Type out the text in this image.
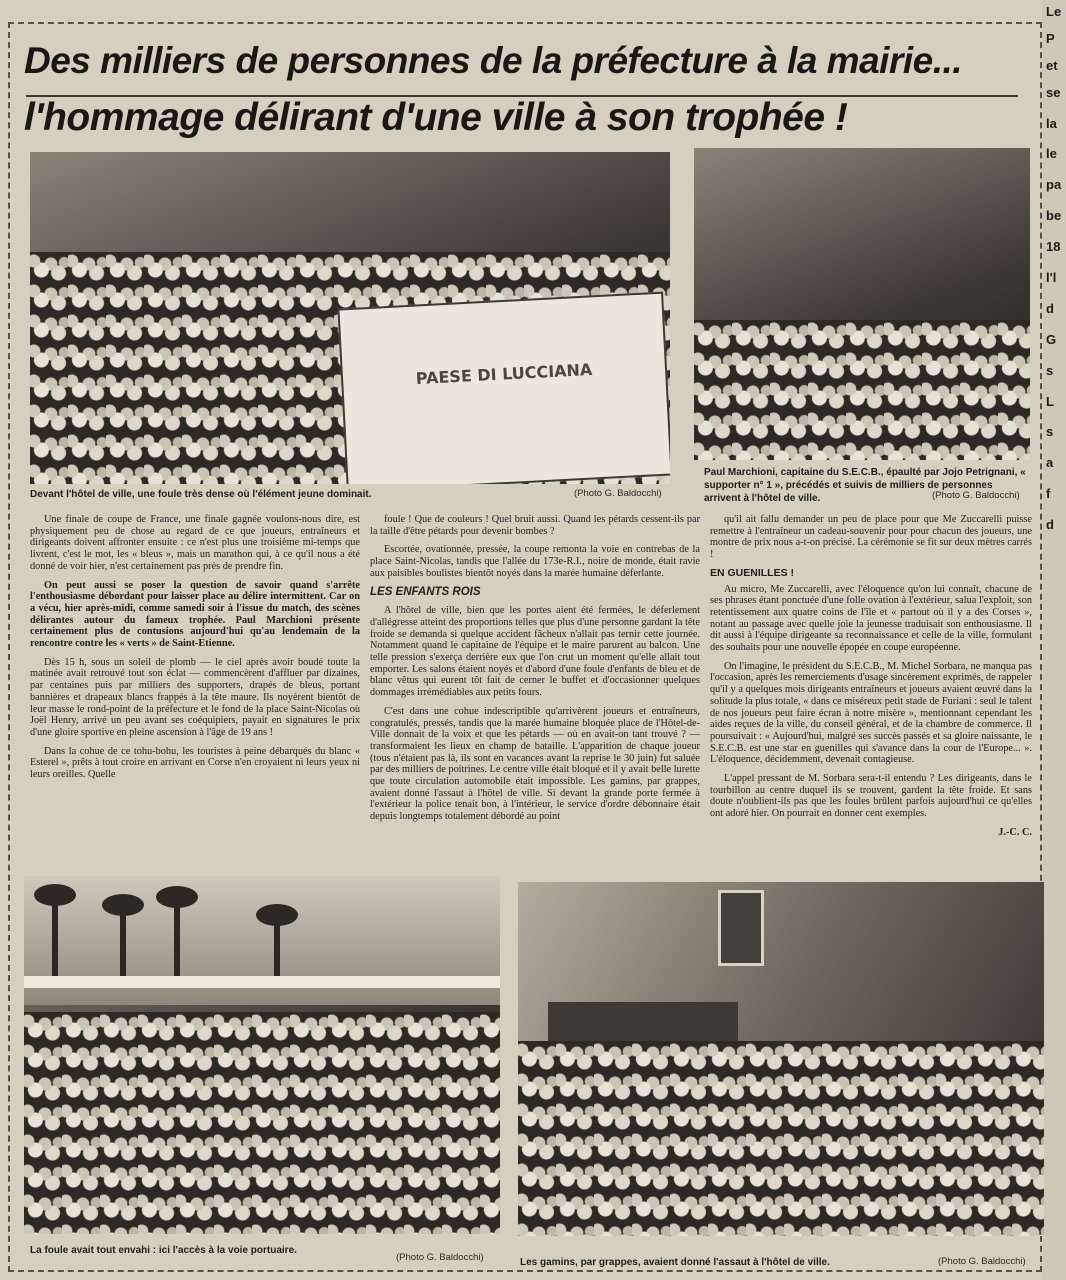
Le
P
et
se
la
le
pa
be
18
l'l
d
G
s
L
s
a
f
d
Des milliers de personnes de la préfecture à la mairie...
l'hommage délirant d'une ville à son trophée !
PAESE DI LUCCIANA
Devant l'hôtel de ville, une foule très dense où l'élément jeune dominait.	(Photo G. Baldocchi)
Paul Marchioni, capitaine du S.E.C.B., épaulté par Jojo Petrignani, « supporter n° 1 », précédés et suivis de milliers de personnes arrivent à l'hôtel de ville.	(Photo G. Baldocchi)

Une finale de coupe de France, une finale gagnée voulons-nous dire, est physiquement peu de chose au regard de ce que joueurs, entraîneurs et dirigeants doivent affronter ensuite : ce n'est plus une troisième mi-temps que livrent, c'est le mot, les « bleus », mais un marathon qui, à ce qu'il nous a été donné de voir hier, n'est certainement pas près de prendre fin.

On peut aussi se poser la question de savoir quand s'arrête l'enthousiasme débordant pour laisser place au délire intermittent. Car on a vécu, hier après-midi, comme samedi soir à l'issue du match, des scènes délirantes autour du fameux trophée. Paul Marchioni présente certainement plus de contusions aujourd'hui qu'au lendemain de la rencontre contre les « verts » de Saint-Etienne.

Dès 15 h, sous un soleil de plomb — le ciel après avoir boudé toute la matinée avait retrouvé tout son éclat — commencèrent d'affluer par dizaines, par centaines puis par milliers des supporters, drapés de bleus, portant bannières et drapeaux blancs frappés à la tête maure. Ils noyèrent bientôt de leur masse le rond-point de la préfecture et le fond de la place Saint-Nicolas où Joël Henry, arrivé un peu avant ses coéquipiers, payait en signatures le prix d'une gloire sportive en pleine ascension à l'âge de 19 ans !

Dans la cohue de ce tohu-bohu, les touristes à peine débarqués du blanc « Esterel », prêts à tout croire en arrivant en Corse n'en croyaient ni leurs yeux ni leurs oreilles. Quelle

foule ! Que de couleurs ! Quel bruit aussi. Quand les pétards cessent-ils par la taille d'être pétards pour devenir bombes ?

Escortée, ovationnée, pressée, la coupe remonta la voie en contrebas de la place Saint-Nicolas, tandis que l'allée du 173e-R.I., noire de monde, était ravie aux paisibles boulistes bientôt noyés dans la marée humaine déferlante.

LES ENFANTS ROIS

A l'hôtel de ville, bien que les portes aient été fermées, le déferlement d'allégresse atteint des proportions telles que plus d'une personne gardant la tête froide se demanda si quelque accident fâcheux n'allait pas ternir cette journée. Notamment quand le capitaine de l'équipe et le maire parurent au balcon. Une telle pression s'exerça derrière eux que l'on crut un moment qu'elle allait tout emporter. Les salons étaient noyés et d'abord d'une foule d'enfants de bleu et de blanc vêtus qui eurent tôt fait de cerner le buffet et d'occasionner quelques dommages irrémédiables aux petits fours.

C'est dans une cohue indescriptible qu'arrivèrent joueurs et entraîneurs, congratulés, pressés, tandis que la marée humaine bloquée place de l'Hôtel-de-Ville donnait de la voix et que les pétards — où en avait-on tant trouvé ? — transformaient les lieux en champ de bataille. L'apparition de chaque joueur (tous n'étaient pas là, ils sont en vacances avant la reprise le 30 juin) fut saluée par des milliers de poitrines. Le centre ville était bloqué et il y avait belle lurette que toute circulation automobile était impossible. Les gamins, par grappes, avaient donné l'assaut à l'hôtel de ville. Si devant la grande porte fermée à l'extérieur la police tenait bon, à l'intérieur, le service d'ordre débonnaire était depuis longtemps totalement débordé au point

qu'il ait fallu demander un peu de place pour que Me Zuccarelli puisse remettre à l'entraîneur un cadeau-souvenir pour pour chacun des joueurs, une montre de prix nous a-t-on précisé. La cérémonie se fit sur deux mètres carrés !

EN GUENILLES !

Au micro, Me Zuccarelli, avec l'éloquence qu'on lui connaît, chacune de ses phrases étant ponctuée d'une folle ovation à l'extérieur, salua l'exploit, son retentissement aux quatre coins de l'île et « partout où il y a des Corses », notant au passage avec quelle joie la jeunesse traduisait son enthousiasme. Il dit aussi à l'équipe dirigeante sa reconnaissance et celle de la ville, formulant des souhaits pour une nouvelle épopée en coupe européenne.

On l'imagine, le président du S.E.C.B., M. Michel Sorbara, ne manqua pas l'occasion, après les remerciements d'usage sincèrement exprimés, de rappeler qu'il y a quelques mois dirigeants entraîneurs et joueurs avaient œuvré dans la solitude la plus totale, « dans ce miséreux petit stade de Furiani : seul le talent de nos joueurs peut faire écran à notre misère », mentionnant cependant les aides reçues de la ville, du conseil général, et de la chambre de commerce. Il poursuivait : « Aujourd'hui, malgré ses succès passés et sa gloire naissante, le S.E.C.B. est une star en guenilles qui s'avance dans la cour de l'Europe... ». L'éloquence, décidemment, devenait contagieuse.

L'appel pressant de M. Sorbara sera-t-il entendu ? Les dirigeants, dans le tourbillon au centre duquel ils se trouvent, gardent la tête froide. Et sans doute n'oublient-ils pas que les foules brûlent parfois aujourd'hui ce qu'elles ont adoré hier. On pourrait en donner cent exemples.

J.-C. C.
La foule avait tout envahi : ici l'accès à la voie portuaire.
(Photo G. Baldocchi)	Les gamins, par grappes, avaient donné l'assaut à l'hôtel de ville.	(Photo G. Baldocchi)
